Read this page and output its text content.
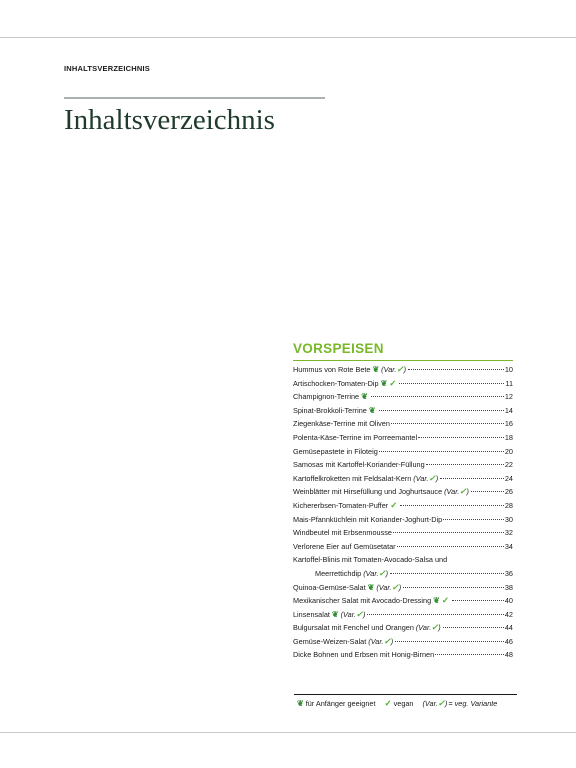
INHALTSVERZEICHNIS
Inhaltsverzeichnis
VORSPEISEN
Hummus von Rote Bete ❦ (Var.✓)	10
Artischocken-Tomaten-Dip ❦ ✓	11
Champignon-Terrine ❦	12
Spinat-Brokkoli-Terrine ❦	14
Ziegenkäse-Terrine mit Oliven	16
Polenta-Käse-Terrine im Porreemantel	18
Gemüsepastete in Filoteig	20
Samosas mit Kartoffel-Koriander-Füllung	22
Kartoffelkroketten mit Feldsalat-Kern (Var.✓)	24
Weinblätter mit Hirsefüllung und Joghurtsauce (Var.✓)	26
Kichererbsen-Tomaten-Puffer ✓	28
Mais-Pfannküchlein mit Koriander-Joghurt-Dip	30
Windbeutel mit Erbsenmousse	32
Verlorene Eier auf Gemüsetatar	34
Kartoffel-Blinis mit Tomaten-Avocado-Salsa und
Meerrettichdip (Var.✓)	36
Quinoa-Gemüse-Salat ❦ (Var.✓)	38
Mexikanischer Salat mit Avocado-Dressing ❦ ✓	40
Linsensalat ❦ (Var.✓)	42
Bulgursalat mit Fenchel und Orangen (Var.✓)	44
Gemüse-Weizen-Salat (Var.✓)	46
Dicke Bohnen und Erbsen mit Honig-Birnen	48
❦ für Anfänger geeignet ✓ vegan (Var.✓) = veg. Variante
